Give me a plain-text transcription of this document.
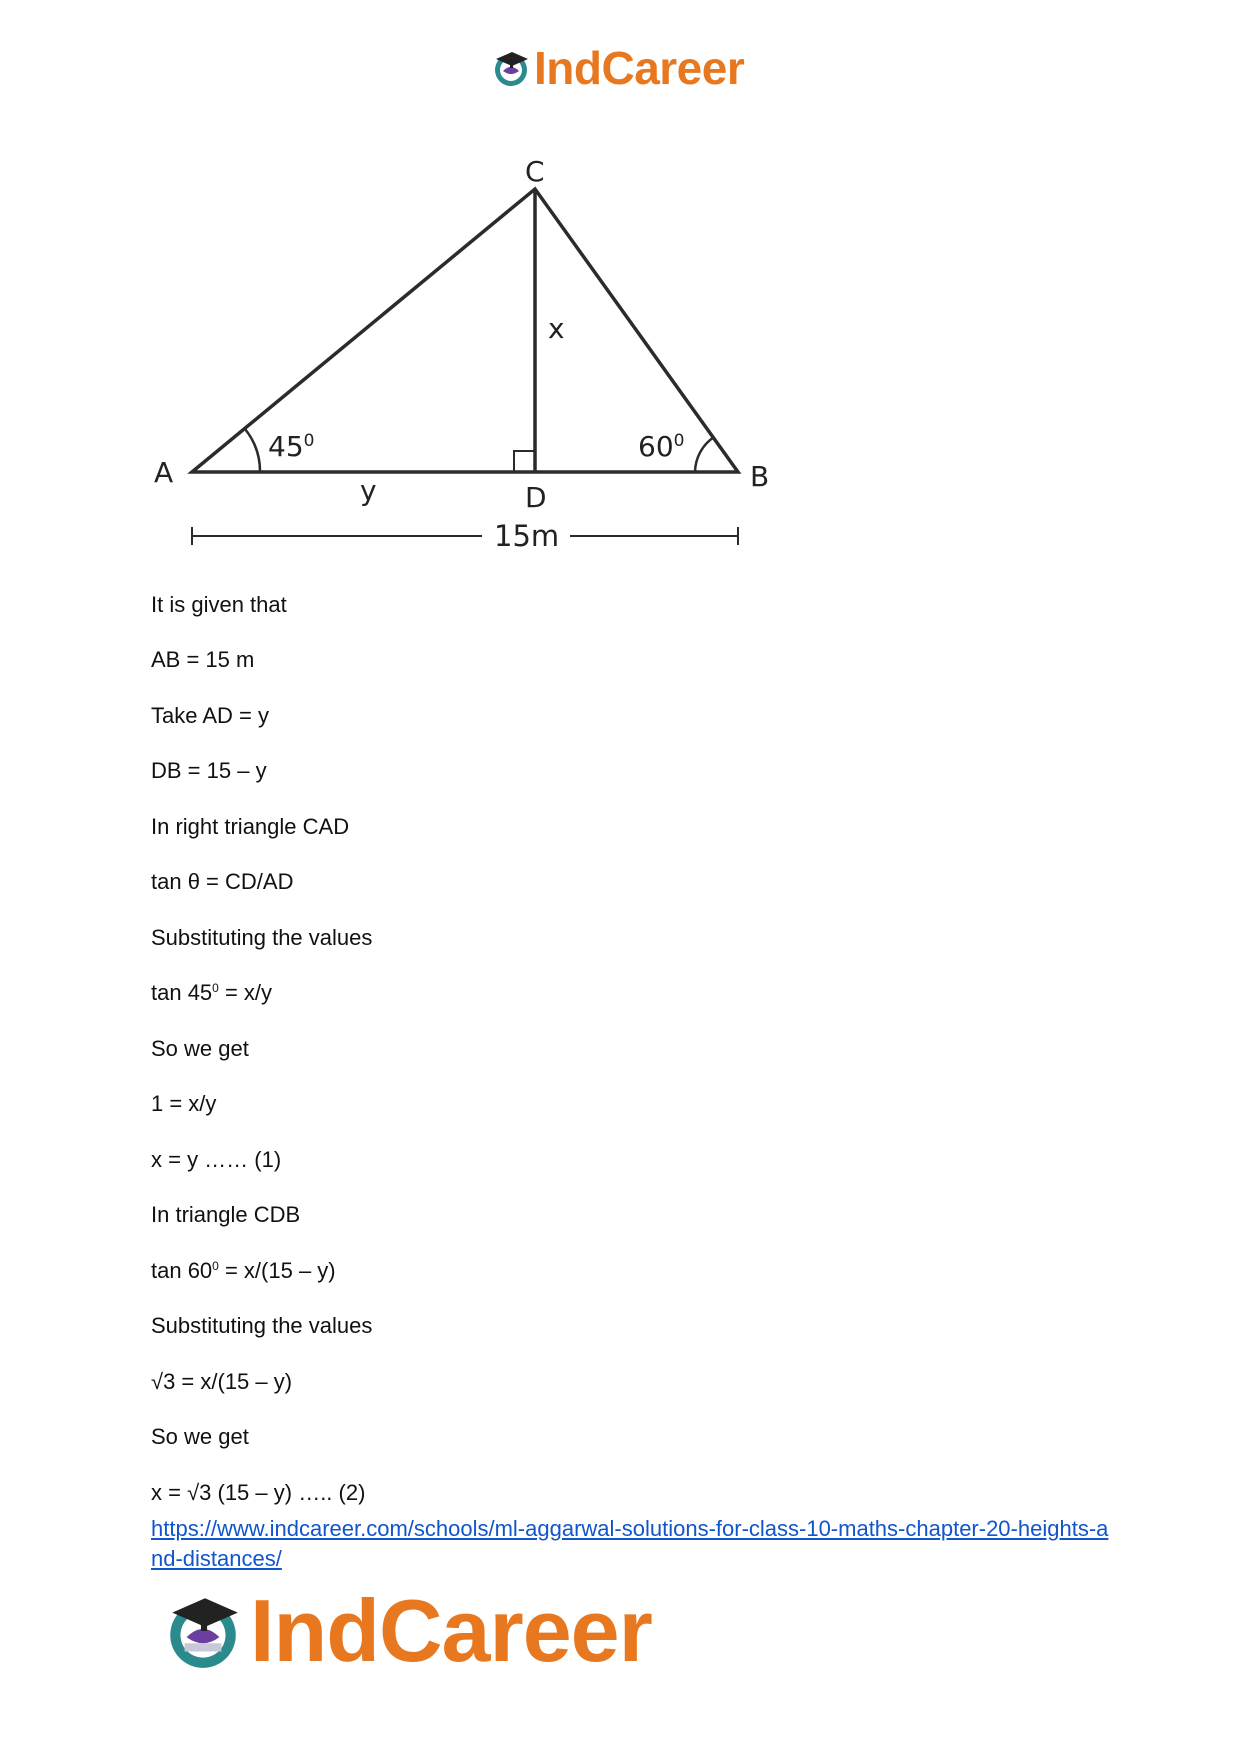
IndCareer
A	B
C
D
x
y
$45^0$	$60^0$
15m
It is given that
AB = 15 m
Take AD = y
DB = 15 – y
In right triangle CAD
tan θ = CD/AD
Substituting the values
$\tan 45^0 = x/y$
So we get
1 = x/y
x = y …… (1)
In triangle CDB
$\tan 60^0 = x/(15 - y)$
Substituting the values
√3 = x/(15 – y)
So we get
x = √3 (15 – y) ….. (2)
https://www.indcareer.com/schools/ml-aggarwal-solutions-for-class-10-maths-chapter-20-heights-and-distances/
IndCareer
